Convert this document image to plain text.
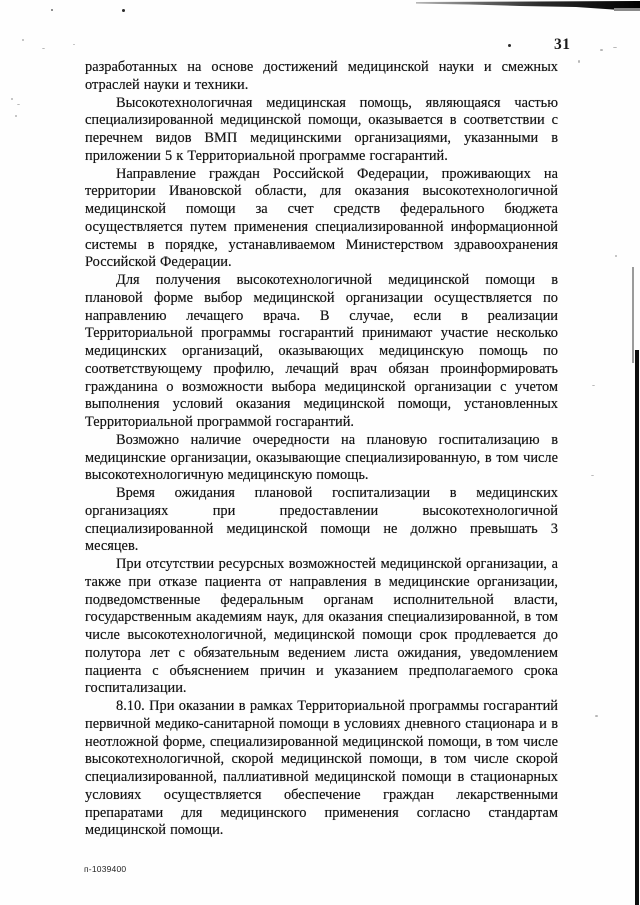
31

разработанных на основе достижений медицинской науки и смежных отраслей науки и техники.

Высокотехнологичная медицинская помощь, являющаяся частью специализированной медицинской помощи, оказывается в соответствии с перечнем видов ВМП медицинскими организациями, указанными в приложении 5 к Территориальной программе госгарантий.

Направление граждан Российской Федерации, проживающих на территории Ивановской области, для оказания высокотехнологичной медицинской помощи за счет средств федерального бюджета осуществляется путем применения специализированной информационной системы в порядке, устанавливаемом Министерством здравоохранения Российской Федерации.

Для получения высокотехнологичной медицинской помощи в плановой форме выбор медицинской организации осуществляется по направлению лечащего врача. В случае, если в реализации Территориальной программы госгарантий принимают участие несколько медицинских организаций, оказывающих медицинскую помощь по соответствующему профилю, лечащий врач обязан проинформировать гражданина о возможности выбора медицинской организации с учетом выполнения условий оказания медицинской помощи, установленных Территориальной программой госгарантий.

Возможно наличие очередности на плановую госпитализацию в медицинские организации, оказывающие специализированную, в том числе высокотехнологичную медицинскую помощь.

Время ожидания плановой госпитализации в медицинских организациях при предоставлении высокотехнологичной специализированной медицинской помощи не должно превышать 3 месяцев.

При отсутствии ресурсных возможностей медицинской организации, а также при отказе пациента от направления в медицинские организации, подведомственные федеральным органам исполнительной власти, государственным академиям наук, для оказания специализированной, в том числе высокотехнологичной, медицинской помощи срок продлевается до полутора лет с обязательным ведением листа ожидания, уведомлением пациента с объяснением причин и указанием предполагаемого срока госпитализации.

8.10. При оказании в рамках Территориальной программы госгарантий первичной медико-санитарной помощи в условиях дневного стационара и в неотложной форме, специализированной медицинской помощи, в том числе высокотехнологичной, скорой медицинской помощи, в том числе скорой специализированной, паллиативной медицинской помощи в стационарных условиях осуществляется обеспечение граждан лекарственными препаратами для медицинского применения согласно стандартам медицинской помощи.

п-1039400
